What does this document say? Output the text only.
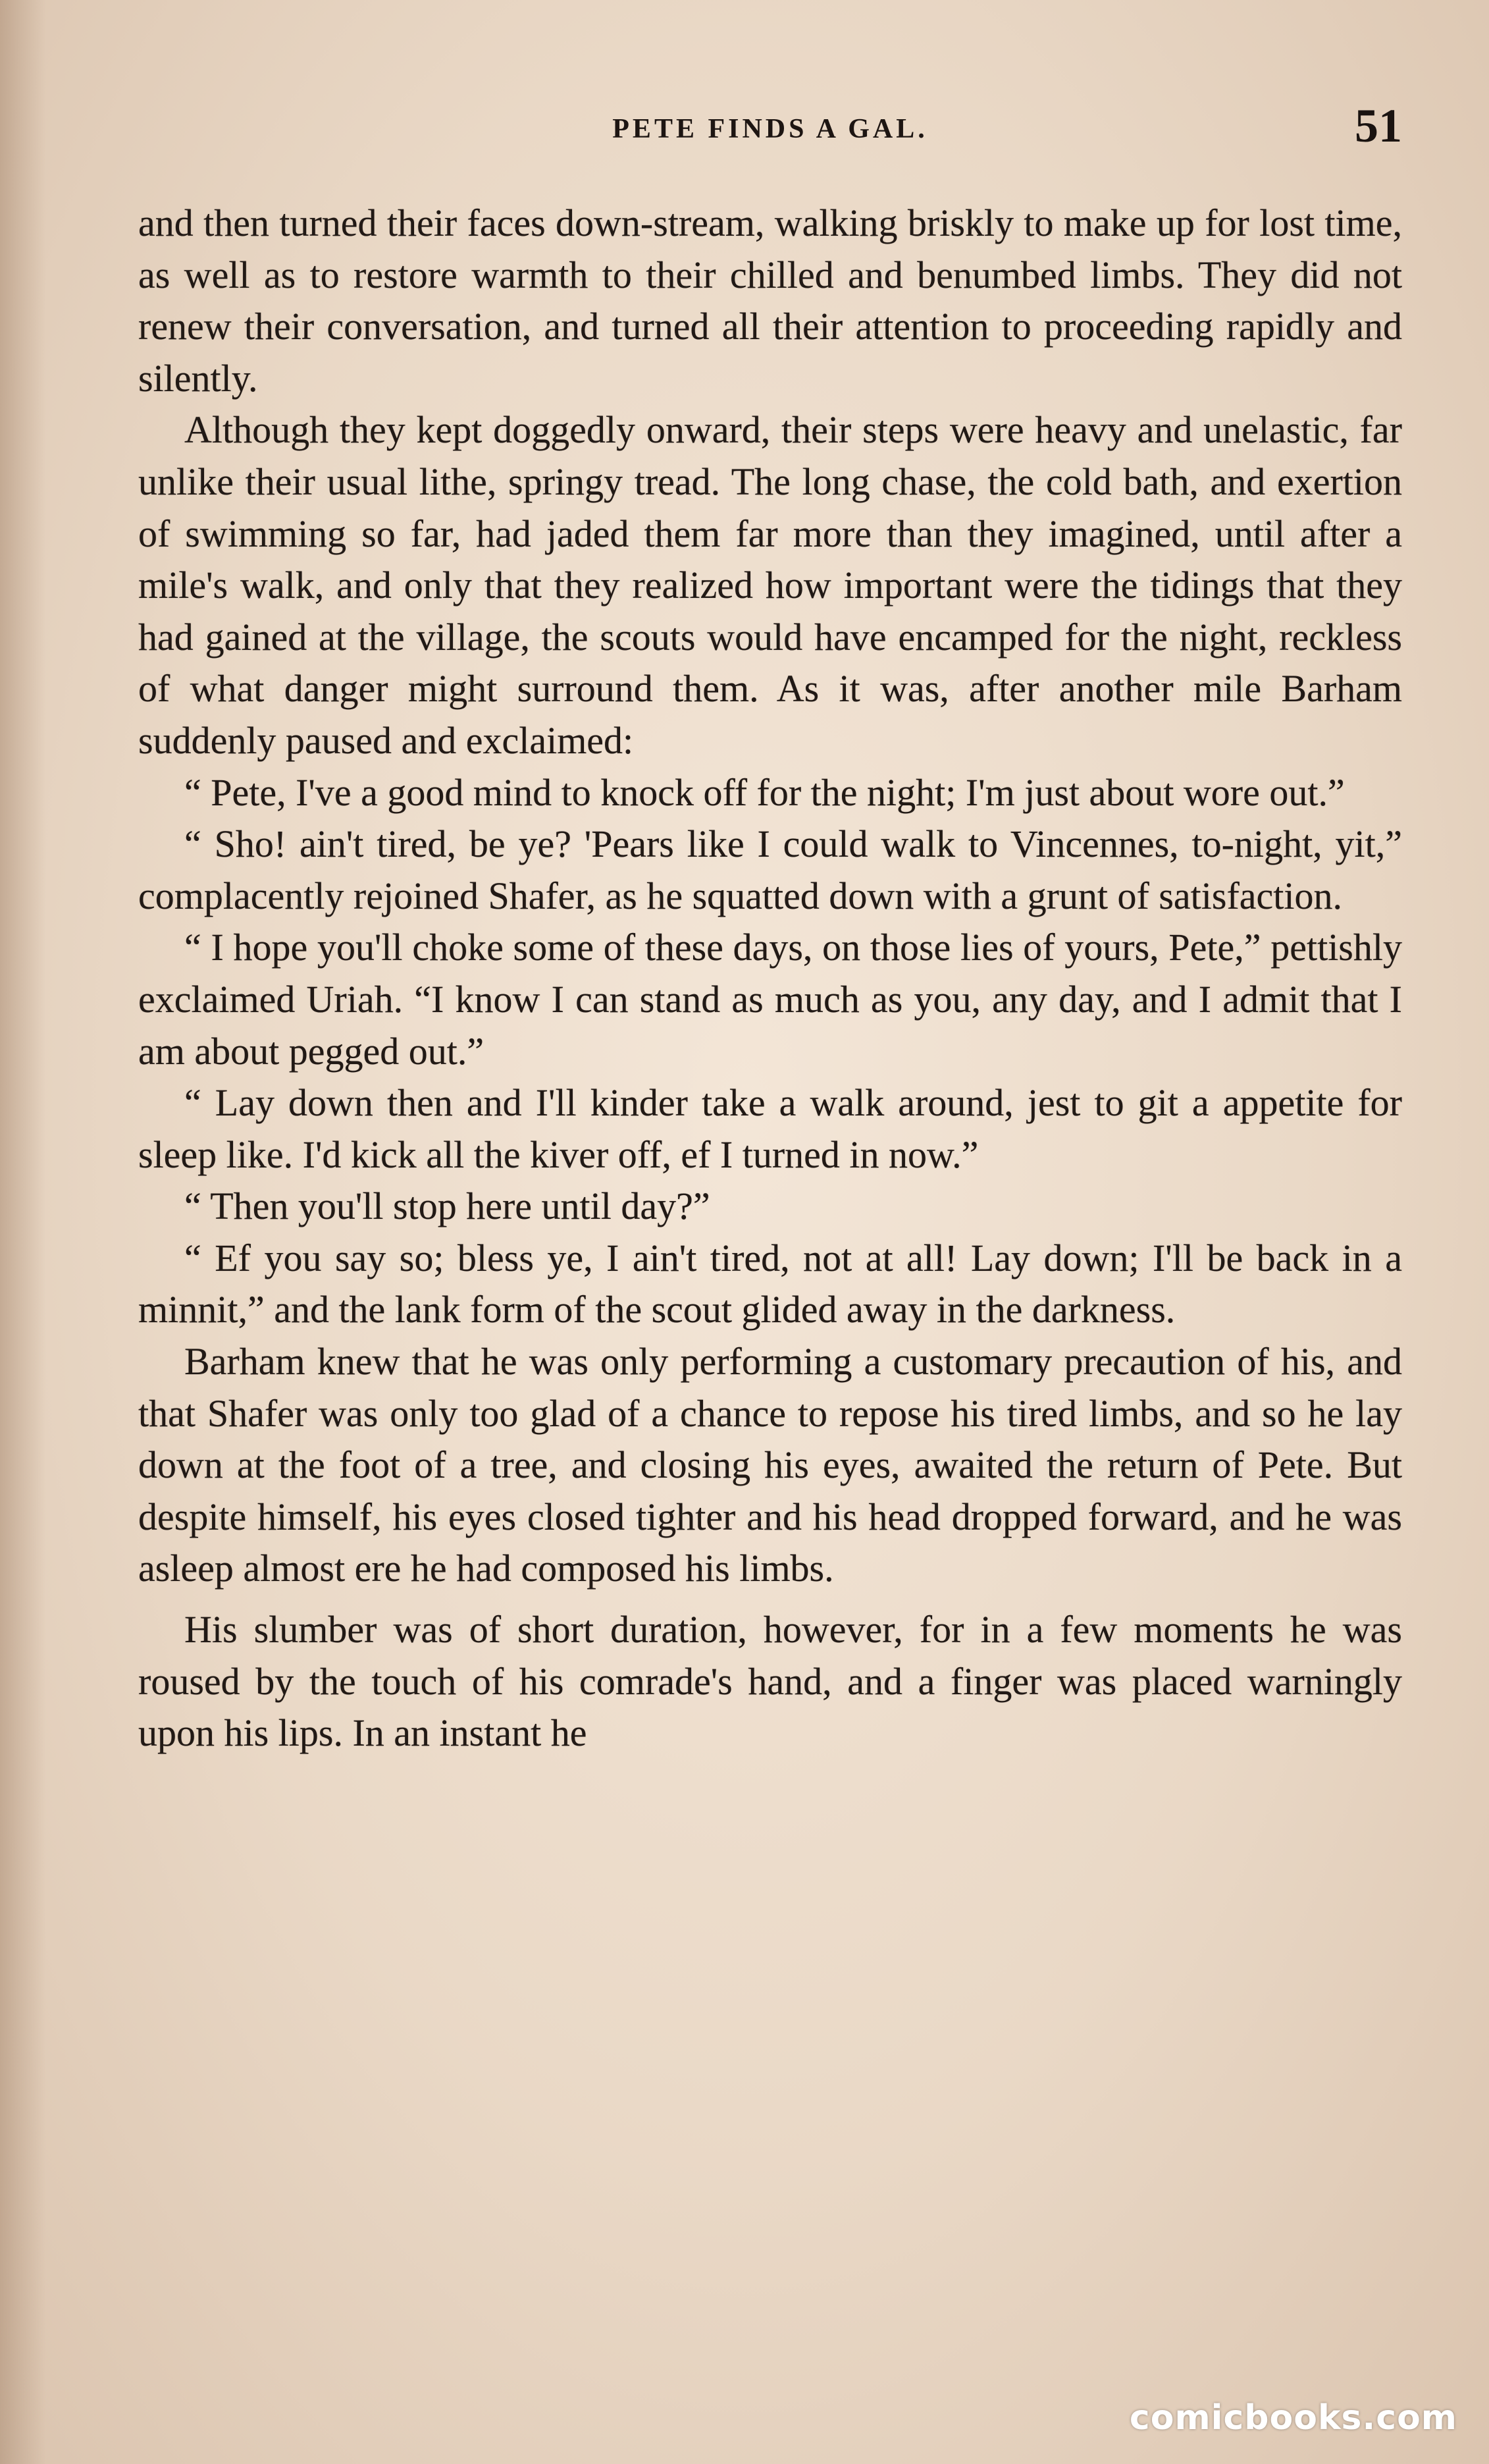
PETE FINDS A GAL.	51

and then turned their faces down-stream, walking briskly to make up for lost time, as well as to restore warmth to their chilled and benumbed limbs. They did not renew their conversation, and turned all their attention to proceeding rapidly and silently.

Although they kept doggedly onward, their steps were heavy and unelastic, far unlike their usual lithe, springy tread. The long chase, the cold bath, and exertion of swimming so far, had jaded them far more than they imagined, until after a mile's walk, and only that they realized how important were the tidings that they had gained at the village, the scouts would have encamped for the night, reckless of what danger might surround them. As it was, after another mile Barham suddenly paused and exclaimed:

“ Pete, I've a good mind to knock off for the night; I'm just about wore out.”

“ Sho! ain't tired, be ye? 'Pears like I could walk to Vincennes, to-night, yit,” complacently rejoined Shafer, as he squatted down with a grunt of satisfaction.

“ I hope you'll choke some of these days, on those lies of yours, Pete,” pettishly exclaimed Uriah. “I know I can stand as much as you, any day, and I admit that I am about pegged out.”

“ Lay down then and I'll kinder take a walk around, jest to git a appetite for sleep like. I'd kick all the kiver off, ef I turned in now.”

“ Then you'll stop here until day?”

“ Ef you say so; bless ye, I ain't tired, not at all! Lay down; I'll be back in a minnit,” and the lank form of the scout glided away in the darkness.

Barham knew that he was only performing a customary precaution of his, and that Shafer was only too glad of a chance to repose his tired limbs, and so he lay down at the foot of a tree, and closing his eyes, awaited the return of Pete. But despite himself, his eyes closed tighter and his head dropped forward, and he was asleep almost ere he had composed his limbs.

His slumber was of short duration, however, for in a few moments he was roused by the touch of his comrade's hand, and a finger was placed warningly upon his lips. In an instant he

comicbooks.com
